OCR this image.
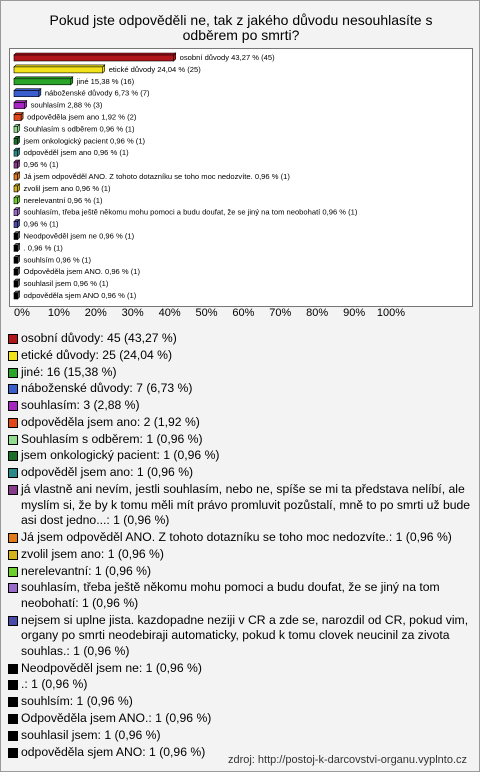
Pokud jste odpověděli ne, tak z jakého důvodu nesouhlasíte s odběrem po smrti?
osobní důvody 43,27 % (45)
etické důvody 24,04 % (25)
jiné 15,38 % (16)
náboženské důvody 6,73 % (7)
souhlasím 2,88 % (3)
odpověděla jsem ano 1,92 % (2)
Souhlasím s odběrem 0,96 % (1)
jsem onkologický pacient 0,96 % (1)
odpověděl jsem ano 0,96 % (1)
0,96 % (1)
Já jsem odpověděl ANO. Z tohoto dotazníku se toho moc nedozvíte. 0,96 % (1)
zvolil jsem ano 0,96 % (1)
nerelevantní 0,96 % (1)
souhlasím, třeba ještě někomu mohu pomoci a budu doufat, že se jiný na tom neobohatí 0,96 % (1)
0,96 % (1)
Neodpověděl jsem ne 0,96 % (1)
. 0,96 % (1)
souhlsím 0,96 % (1)
Odpověděla jsem ANO. 0,96 % (1)
souhlasil jsem 0,96 % (1)
odpověděla sjem ANO 0,96 % (1)
0% 10% 20% 30% 40% 50% 60% 70% 80% 90% 100%
osobní důvody: 45 (43,27 %)
etické důvody: 25 (24,04 %)
jiné: 16 (15,38 %)
náboženské důvody: 7 (6,73 %)
souhlasím: 3 (2,88 %)
odpověděla jsem ano: 2 (1,92 %)
Souhlasím s odběrem: 1 (0,96 %)
jsem onkologický pacient: 1 (0,96 %)
odpověděl jsem ano: 1 (0,96 %)
já vlastně ani nevím, jestli souhlasím, nebo ne, spíše se mi ta představa nelíbí, ale myslím si, že by k tomu měli mít právo promluvit pozůstalí, mně to po smrti už bude asi dost jedno...: 1 (0,96 %)
Já jsem odpověděl ANO. Z tohoto dotazníku se toho moc nedozvíte.: 1 (0,96 %)
zvolil jsem ano: 1 (0,96 %)
nerelevantní: 1 (0,96 %)
souhlasím, třeba ještě někomu mohu pomoci a budu doufat, že se jiný na tom neobohatí: 1 (0,96 %)
nejsem si uplne jista. kazdopadne neziji v CR a zde se, narozdil od CR, pokud vim, organy po smrti neodebiraji automaticky, pokud k tomu clovek neucinil za zivota souhlas.: 1 (0,96 %)
Neodpověděl jsem ne: 1 (0,96 %)
.: 1 (0,96 %)
souhlsím: 1 (0,96 %)
Odpověděla jsem ANO.: 1 (0,96 %)
souhlasil jsem: 1 (0,96 %)
odpověděla sjem ANO: 1 (0,96 %)
zdroj: http://postoj-k-darcovstvi-organu.vyplnto.cz
